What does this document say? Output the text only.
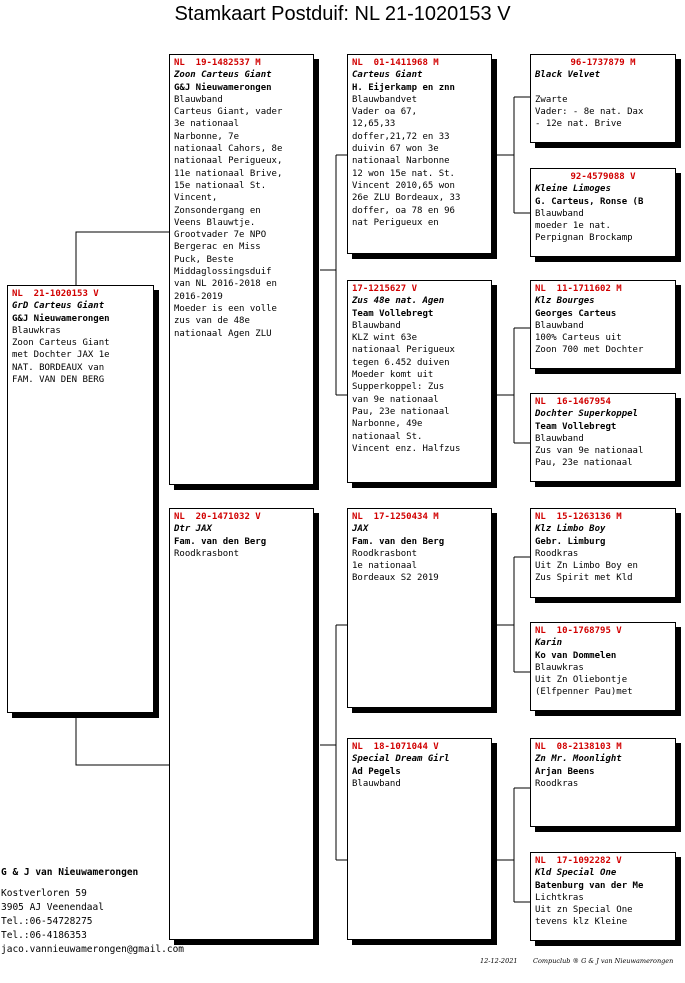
Stamkaart Postduif: NL 21-1020153 V
NL  21-1020153 V
GrD Carteus Giant
G&J Nieuwamerongen
Blauwkras
Zoon Carteus Giant
met Dochter JAX 1e
NAT. BORDEAUX van
FAM. VAN DEN BERG
NL  19-1482537 M
Zoon Carteus Giant
G&J Nieuwamerongen
Blauwband
Carteus Giant, vader
3e nationaal
Narbonne, 7e
nationaal Cahors, 8e
nationaal Perigueux,
11e nationaal Brive,
15e nationaal St.
Vincent,
Zonsondergang en
Veens Blauwtje.
Grootvader 7e NPO
Bergerac en Miss
Puck, Beste
Middaglossingsduif
van NL 2016-2018 en
2016-2019
Moeder is een volle
zus van de 48e
nationaal Agen ZLU
NL  20-1471032 V
Dtr JAX
Fam. van den Berg
Roodkrasbont
NL  01-1411968 M
Carteus Giant
H. Eijerkamp en znn
Blauwbandvet
Vader oa 67,
12,65,33
doffer,21,72 en 33
duivin 67 won 3e
nationaal Narbonne
12 won 15e nat. St.
Vincent 2010,65 won
26e ZLU Bordeaux, 33
doffer, oa 78 en 96
nat Perigueux en
17-1215627 V
Zus 48e nat. Agen
Team Vollebregt
Blauwband
KLZ wint 63e
nationaal Perigueux
tegen 6.452 duiven
Moeder komt uit
Supperkoppel: Zus
van 9e nationaal
Pau, 23e nationaal
Narbonne, 49e
nationaal St.
Vincent enz. Halfzus
NL  17-1250434 M
JAX
Fam. van den Berg
Roodkrasbont
1e nationaal
Bordeaux S2 2019
NL  18-1071044 V
Special Dream Girl
Ad Pegels
Blauwband
96-1737879 M
Black Velvet
Zwarte
Vader: - 8e nat. Dax
- 12e nat. Brive
92-4579088 V
Kleine Limoges
G. Carteus, Ronse (B
Blauwband
moeder 1e nat.
Perpignan Brockamp
NL  11-1711602 M
Klz Bourges
Georges Carteus
Blauwband
100% Carteus uit
Zoon 700 met Dochter
NL  16-1467954
Dochter Superkoppel
Team Vollebregt
Blauwband
Zus van 9e nationaal
Pau, 23e nationaal
NL  15-1263136 M
Klz Limbo Boy
Gebr. Limburg
Roodkras
Uit Zn Limbo Boy en
Zus Spirit met Kld
NL  10-1768795 V
Karin
Ko van Dommelen
Blauwkras
Uit Zn Oliebontje
(Elfpenner Pau)met
NL  08-2138103 M
Zn Mr. Moonlight
Arjan Beens
Roodkras
NL  17-1092282 V
Kld Special One
Batenburg van der Me
Lichtkras
Uit zn Special One
tevens klz Kleine
G & J van Nieuwamerongen
Kostverloren 59
3905 AJ Veenendaal
Tel.:06-54728275
Tel.:06-4186353
jaco.vannieuwamerongen@gmail.com
12-12-2021 Compuclub ® G & J van Nieuwamerongen
